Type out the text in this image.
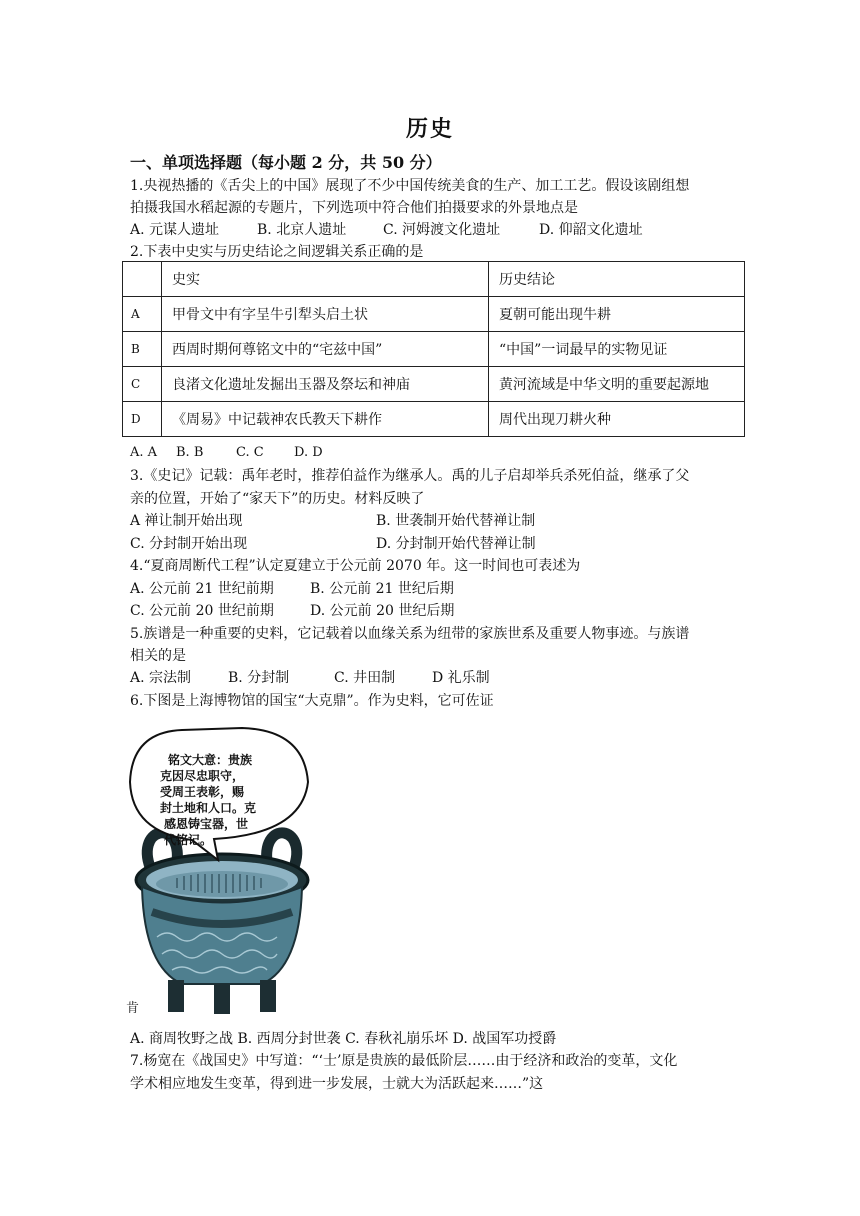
历史
一、单项选择题（每小题 2 分，共 50 分）
1.央视热播的《舌尖上的中国》展现了不少中国传统美食的生产、加工工艺。假设该剧组想
拍摄我国水稻起源的专题片，下列选项中符合他们拍摄要求的外景地点是
A. 元谋人遗址	B. 北京人遗址	C. 河姆渡文化遗址	D. 仰韶文化遗址
2.下表中史实与历史结论之间逻辑关系正确的是
	史实	历史结论
A	甲骨文中有字呈牛引犁头启土状	夏朝可能出现牛耕
B	西周时期何尊铭文中的“宅兹中国”	“中国”一词最早的实物见证
C	良渚文化遗址发掘出玉器及祭坛和神庙	黄河流域是中华文明的重要起源地
D	《周易》中记载神农氏教天下耕作	周代出现刀耕火种
A. A B. B	C. C D. D
3.《史记》记载：禹年老时，推荐伯益作为继承人。禹的儿子启却举兵杀死伯益，继承了父
亲的位置，开始了“家天下”的历史。材料反映了
A 禅让制开始出现	B. 世袭制开始代替禅让制
C. 分封制开始出现	D. 分封制开始代替禅让制
4.“夏商周断代工程”认定夏建立于公元前 2070 年。这一时间也可表述为
A. 公元前 21 世纪前期	B. 公元前 21 世纪后期
C. 公元前 20 世纪前期	D. 公元前 20 世纪后期
5.族谱是一种重要的史料，它记载着以血缘关系为纽带的家族世系及重要人物事迹。与族谱
相关的是
A. 宗法制	B. 分封制	C. 井田制	D 礼乐制
6.下图是上海博物馆的国宝“大克鼎”。作为史料，它可佐证
肯
铭文大意：贵族
克因尽忠职守，
受周王表彰，赐
封土地和人口。克
感恩铸宝器，世
代铭记。
A. 商周牧野之战 B. 西周分封世袭 C. 春秋礼崩乐坏 D. 战国军功授爵
7.杨宽在《战国史》中写道：“‘士’原是贵族的最低阶层……由于经济和政治的变革，文化
学术相应地发生变革，得到进一步发展，士就大为活跃起来……”这
